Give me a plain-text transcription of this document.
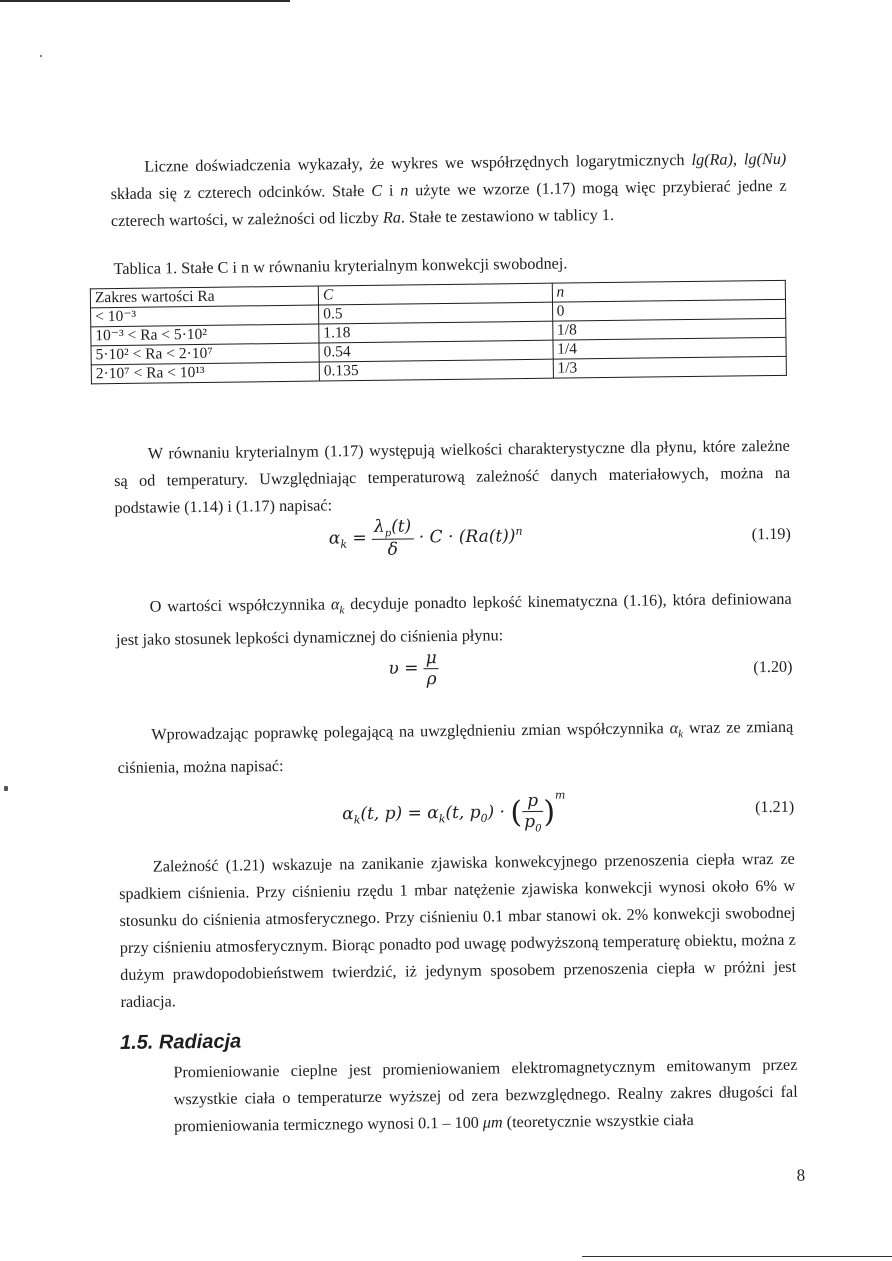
Liczne doświadczenia wykazały, że wykres we współrzędnych logarytmicznych lg(Ra), lg(Nu) składa się z czterech odcinków. Stałe C i n użyte we wzorze (1.17) mogą więc przybierać jedne z czterech wartości, w zależności od liczby Ra. Stałe te zestawiono w tablicy 1.

Tablica 1. Stałe C i n w równaniu kryterialnym konwekcji swobodnej.
Zakres wartości Ra	C	n
< 10⁻³	0.5	0
10⁻³ < Ra < 5·10²	1.18	1/8
5·10² < Ra < 2·10⁷	0.54	1/4
2·10⁷ < Ra < 10¹³	0.135	1/3

W równaniu kryterialnym (1.17) występują wielkości charakterystyczne dla płynu, które zależne są od temperatury. Uwzględniając temperaturową zależność danych materiałowych, można na podstawie (1.14) i (1.17) napisać:

$\alpha_k = \frac{\lambda_p(t)}{\delta} \cdot C \cdot (Ra(t))^n$	(1.19)

O wartości współczynnika $\alpha_k$ decyduje ponadto lepkość kinematyczna (1.16), która definiowana jest jako stosunek lepkości dynamicznej do ciśnienia płynu:

$\upsilon = \frac{\mu}{\rho}$	(1.20)

Wprowadzając poprawkę polegającą na uwzględnieniu zmian współczynnika $\alpha_k$ wraz ze zmianą ciśnienia, można napisać:

$\alpha_k(t$, $p) = \alpha_k(t$, $p_0$) · ( $\frac{p}{p_0} )^m$
(1.21)

Zależność (1.21) wskazuje na zanikanie zjawiska konwekcyjnego przenoszenia ciepła wraz ze spadkiem ciśnienia. Przy ciśnieniu rzędu 1 mbar natężenie zjawiska konwekcji wynosi około 6% w stosunku do ciśnienia atmosferycznego. Przy ciśnieniu 0.1 mbar stanowi ok. 2% konwekcji swobodnej przy ciśnieniu atmosferycznym. Biorąc ponadto pod uwagę podwyższoną temperaturę obiektu, można z dużym prawdopodobieństwem twierdzić, iż jedynym sposobem przenoszenia ciepła w próżni jest radiacja.

1.5. Radiacja

Promieniowanie cieplne jest promieniowaniem elektromagnetycznym emitowanym przez wszystkie ciała o temperaturze wyższej od zera bezwzględnego. Realny zakres długości fal promieniowania termicznego wynosi 0.1 – 100 μm (teoretycznie wszystkie ciała

8
